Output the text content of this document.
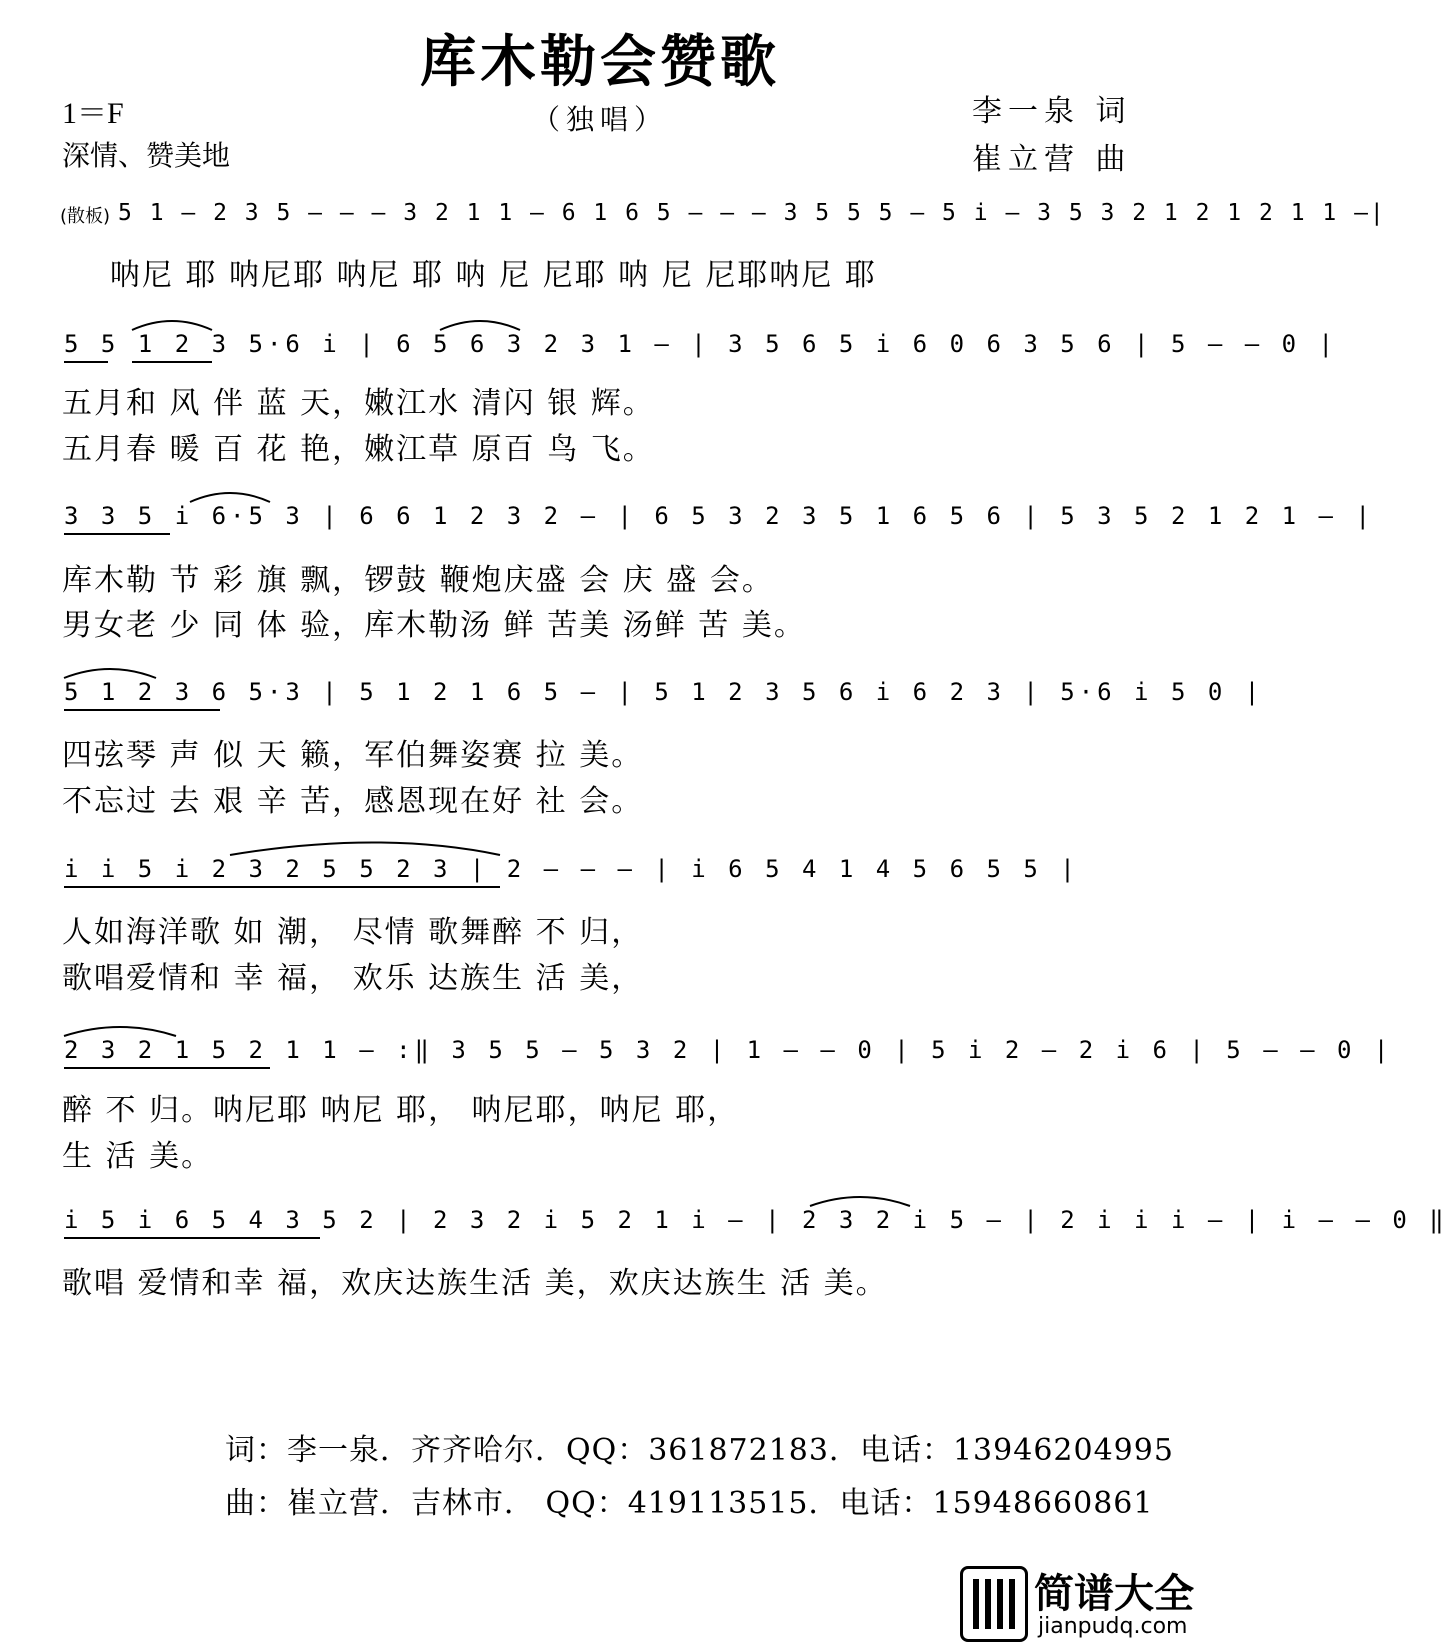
库木勒会赞歌
1＝F
深情、赞美地
（独唱）	李一泉 词
崔立营 曲
(散板) 5 1 – 2 3 5 – – – 3 2 1 1 – 6 1 6 5 – – – 3 5 5 5 – 5 i – 3 5 3 2 1 2 1 2 1 1 –|
呐尼 耶 呐尼耶 呐尼 耶 呐 尼 尼耶 呐 尼 尼耶呐尼 耶
5 5 1 2 3 5·6 i | 6 5 6 3 2 3 1 – | 3 5 6 5 i 6 0 6 3 5 6 | 5 – – 0 |
五月和 风 伴 蓝 天，嫩江水 清闪 银 辉。
五月春 暖 百 花 艳，嫩江草 原百 鸟 飞。
3 3 5 i 6·5 3 | 6 6 1 2 3 2 – | 6 5 3 2 3 5 1 6 5 6 | 5 3 5 2 1 2 1 – |
库木勒 节 彩 旗 飘，锣鼓 鞭炮庆盛 会 庆 盛 会。
男女老 少 同 体 验，库木勒汤 鲜 苦美 汤鲜 苦 美。
5 1 2 3 6 5·3 | 5 1 2 1 6 5 – | 5 1 2 3 5 6 i 6 2 3 | 5·6 i 5 0 |
四弦琴 声 似 天 籁，军伯舞姿赛 拉 美。
不忘过 去 艰 辛 苦，感恩现在好 社 会。
i i 5 i 2 3 2 5 5 2 3 | 2 – – – | i 6 5 4 1 4 5 6 5 5 |
人如海洋歌 如 潮， 尽情 歌舞醉 不 归，
歌唱爱情和 幸 福， 欢乐 达族生 活 美，
2 3 2 1 5 2 1 1 – :‖ 3 5 5 – 5 3 2 | 1 – – 0 | 5 i 2 – 2 i 6 | 5 – – 0 |
醉 不 归。呐尼耶 呐尼 耶， 呐尼耶，呐尼 耶，
生 活 美。
i 5 i 6 5 4 3 5 2 | 2 3 2 i 5 2 1 i – | 2 3 2 i 5 – | 2 i i i – | i – – 0 ‖
歌唱 爱情和幸 福，欢庆达族生活 美，欢庆达族生 活 美。
词：李一泉．齐齐哈尔．QQ：361872183．电话：13946204995
曲：崔立营．吉林市． QQ：419113515．电话：15948660861
简谱大全
jianpudq.com
